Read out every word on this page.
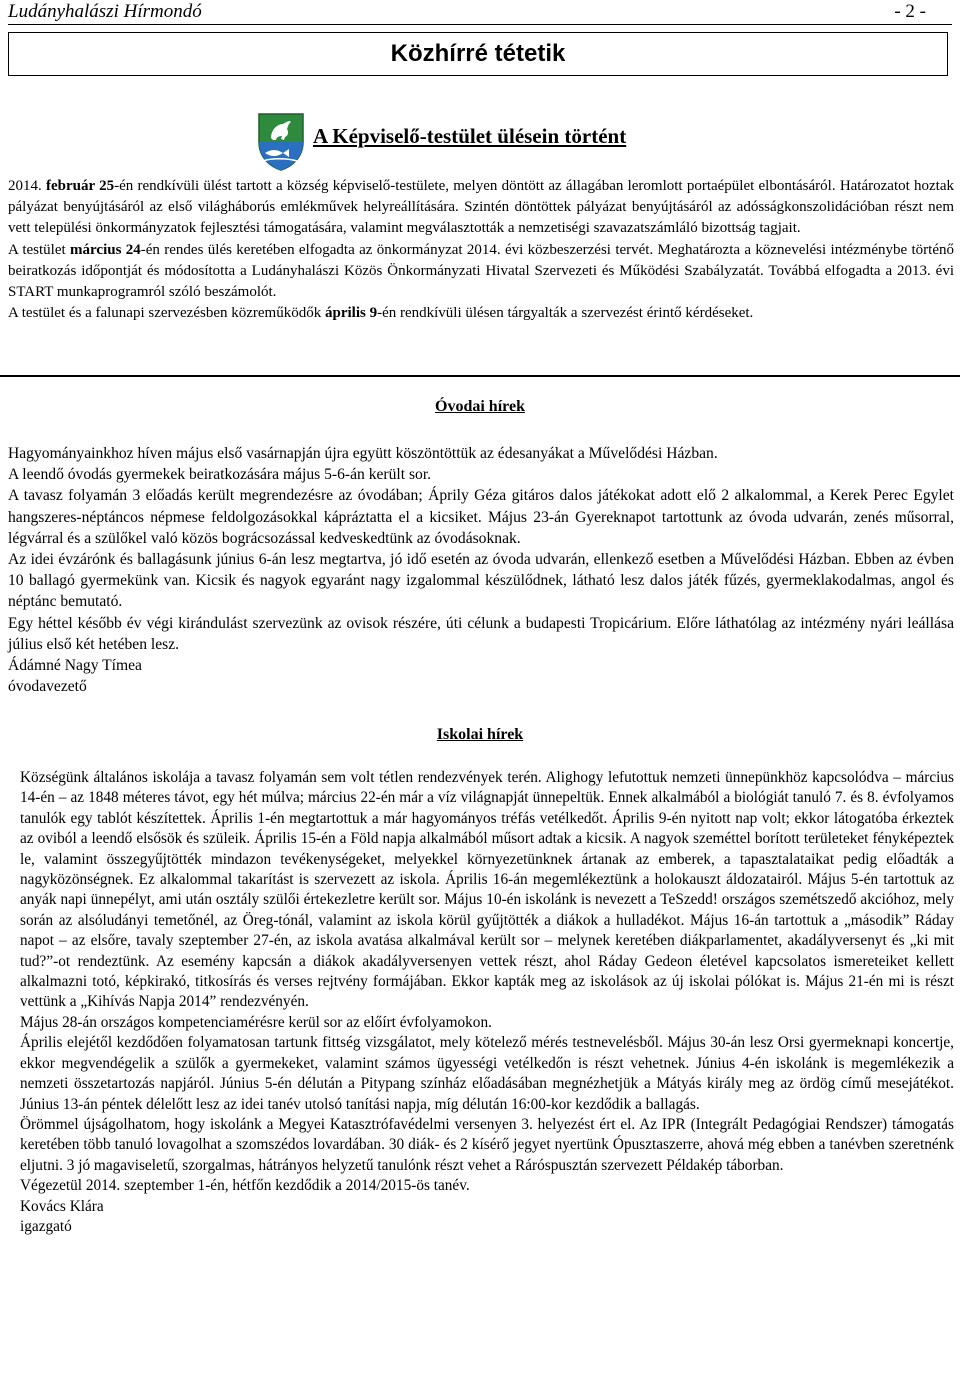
Ludányhalászi Hírmondó	- 2 -
Közhírré tétetik
A Képviselő-testület ülésein történt

2014. február 25-én rendkívüli ülést tartott a község képviselő-testülete, melyen döntött az állagában leromlott portaépület elbontásáról. Határozatot hoztak pályázat benyújtásáról az első világháborús emlékművek helyreállítására. Szintén döntöttek pályázat benyújtásáról az adósságkonszolidációban részt nem vett települési önkormányzatok fejlesztési támogatására, valamint megválasztották a nemzetiségi szavazatszámláló bizottság tagjait.

A testület március 24-én rendes ülés keretében elfogadta az önkormányzat 2014. évi közbeszerzési tervét. Meghatározta a köznevelési intézménybe történő beiratkozás időpontját és módosította a Ludányhalászi Közös Önkormányzati Hivatal Szervezeti és Működési Szabályzatát. Továbbá elfogadta a 2013. évi START munkaprogramról szóló beszámolót.

A testület és a falunapi szervezésben közreműködők április 9-én rendkívüli ülésen tárgyalták a szervezést érintő kérdéseket.

Óvodai hírek

Hagyományainkhoz híven május első vasárnapján újra együtt köszöntöttük az édesanyákat a Művelődési Házban.

A leendő óvodás gyermekek beiratkozására május 5-6-án került sor.

A tavasz folyamán 3 előadás került megrendezésre az óvodában; Áprily Géza gitáros dalos játékokat adott elő 2 alkalommal, a Kerek Perec Egylet hangszeres-néptáncos népmese feldolgozásokkal kápráztatta el a kicsiket. Május 23-án Gyereknapot tartottunk az óvoda udvarán, zenés műsorral, légvárral és a szülőkel való közös bográcsozással kedveskedtünk az óvodásoknak.

Az idei évzárónk és ballagásunk június 6-án lesz megtartva, jó idő esetén az óvoda udvarán, ellenkező esetben a Művelődési Házban. Ebben az évben 10 ballagó gyermekünk van. Kicsik és nagyok egyaránt nagy izgalommal készülődnek, látható lesz dalos játék fűzés, gyermeklakodalmas, angol és néptánc bemutató.

Egy héttel később év végi kirándulást szervezünk az ovisok részére, úti célunk a budapesti Tropicárium. Előre láthatólag az intézmény nyári leállása július első két hetében lesz.

Ádámné Nagy Tímea

óvodavezető

Iskolai hírek

Községünk általános iskolája a tavasz folyamán sem volt tétlen rendezvények terén. Alighogy lefutottuk nemzeti ünnepünkhöz kapcsolódva – március 14-én – az 1848 méteres távot, egy hét múlva; március 22-én már a víz világnapját ünnepeltük. Ennek alkalmából a biológiát tanuló 7. és 8. évfolyamos tanulók egy tablót készítettek. Április 1-én megtartottuk a már hagyományos tréfás vetélkedőt. Április 9-én nyitott nap volt; ekkor látogatóba érkeztek az oviból a leendő elsősök és szüleik. Április 15-én a Föld napja alkalmából műsort adtak a kicsik. A nagyok szeméttel borított területeket fényképeztek le, valamint összegyűjtötték mindazon tevékenységeket, melyekkel környezetünknek ártanak az emberek, a tapasztalataikat pedig előadták a nagyközönségnek. Ez alkalommal takarítást is szervezett az iskola. Április 16-án megemlékeztünk a holokauszt áldozatairól. Május 5-én tartottuk az anyák napi ünnepélyt, ami után osztály szülői értekezletre került sor. Május 10-én iskolánk is nevezett a TeSzedd! országos szemétszedő akcióhoz, mely során az alsóludányi temetőnél, az Öreg-tónál, valamint az iskola körül gyűjtötték a diákok a hulladékot. Május 16-án tartottuk a „második” Ráday napot – az elsőre, tavaly szeptember 27-én, az iskola avatása alkalmával került sor – melynek keretében diákparlamentet, akadályversenyt és „ki mit tud?”-ot rendeztünk. Az esemény kapcsán a diákok akadályversenyen vettek részt, ahol Ráday Gedeon életével kapcsolatos ismereteiket kellett alkalmazni totó, képkirakó, titkosírás és verses rejtvény formájában. Ekkor kapták meg az iskolások az új iskolai pólókat is. Május 21-én mi is részt vettünk a „Kihívás Napja 2014” rendezvényén.

Május 28-án országos kompetenciamérésre kerül sor az előírt évfolyamokon.

Április elejétől kezdődően folyamatosan tartunk fittség vizsgálatot, mely kötelező mérés testnevelésből. Május 30-án lesz Orsi gyermeknapi koncertje, ekkor megvendégelik a szülők a gyermekeket, valamint számos ügyességi vetélkedőn is részt vehetnek. Június 4-én iskolánk is megemlékezik a nemzeti összetartozás napjáról. Június 5-én délután a Pitypang színház előadásában megnézhetjük a Mátyás király meg az ördög című mesejátékot. Június 13-án péntek délelőtt lesz az idei tanév utolsó tanítási napja, míg délután 16:00-kor kezdődik a ballagás.

Örömmel újságolhatom, hogy iskolánk a Megyei Katasztrófavédelmi versenyen 3. helyezést ért el. Az IPR (Integrált Pedagógiai Rendszer) támogatás keretében több tanuló lovagolhat a szomszédos lovardában. 30 diák- és 2 kísérő jegyet nyertünk Ópusztaszerre, ahová még ebben a tanévben szeretnénk eljutni. 3 jó magaviseletű, szorgalmas, hátrányos helyzetű tanulónk részt vehet a Ráróspusztán szervezett Példakép táborban.

Végezetül 2014. szeptember 1-én, hétfőn kezdődik a 2014/2015-ös tanév.

Kovács Klára

igazgató
